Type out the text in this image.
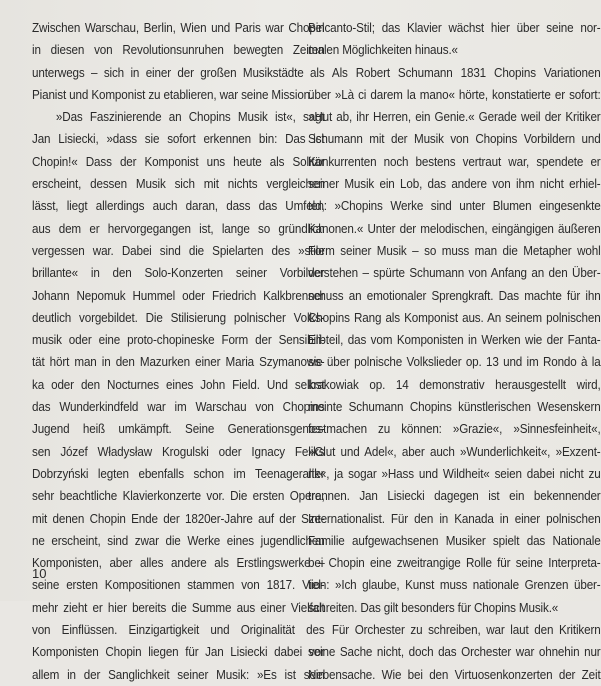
Zwischen Warschau, Berlin, Wien und Paris war Chopin
in diesen von Revolutionsunruhen bewegten Zeiten
unterwegs – sich in einer der großen Musikstädte als
Pianist und Komponist zu etablieren, war seine Mission.
»Das Faszinierende an Chopins Musik ist«, sagt
Jan Lisiecki, »dass sie sofort erkennen bin: Das ist
Chopin!« Dass der Komponist uns heute als Solitär
erscheint, dessen Musik sich mit nichts vergleichen
lässt, liegt allerdings auch daran, dass das Umfeld,
aus dem er hervorgegangen ist, lange so gründlich
vergessen war. Dabei sind die Spielarten des »stile
brillante« in den Solo-Konzerten seiner Vorbilder
Johann Nepomuk Hummel oder Friedrich Kalkbrenner
deutlich vorgebildet. Die Stilisierung polnischer Volks-
musik oder eine proto-chopineske Form der Sensibili-
tät hört man in den Mazurken einer Maria Szymanows-
ka oder den Nocturnes eines John Field. Und selbst
das Wunderkindfeld war im Warschau von Chopins
Jugend heiß umkämpft. Seine Generationsgenos-
sen Józef Władysław Krogulski oder Ignacy Feliks
Dobrzyński legten ebenfalls schon im Teenageralter
sehr beachtliche Klavierkonzerte vor. Die ersten Opera,
mit denen Chopin Ende der 1820er-Jahre auf der Sze-
ne erscheint, sind zwar die Werke eines jugendlichen
Komponisten, aber alles andere als Erstlingswerke –
seine ersten Kompositionen stammen von 1817. Viel-
mehr zieht er hier bereits die Summe aus einer Vielfalt
von Einflüssen. Einzigartigkeit und Originalität des
Komponisten Chopin liegen für Jan Lisiecki dabei vor
allem in der Sanglichkeit seiner Musik: »Es ist sein
Belcanto-Stil; das Klavier wächst hier über seine nor-
malen Möglichkeiten hinaus.«
Als Robert Schumann 1831 Chopins Variationen
über »Là ci darem la mano« hörte, konstatierte er sofort:
»Hut ab, ihr Herren, ein Genie.« Gerade weil der Kritiker
Schumann mit der Musik von Chopins Vorbildern und
Konkurrenten noch bestens vertraut war, spendete er
seiner Musik ein Lob, das andere von ihm nicht erhiel-
ten: »Chopins Werke sind unter Blumen eingesenkte
Kanonen.« Unter der melodischen, eingängigen äußeren
Form seiner Musik – so muss man die Metapher wohl
verstehen – spürte Schumann von Anfang an den Über-
schuss an emotionaler Sprengkraft. Das machte für ihn
Chopins Rang als Komponist aus. An seinem polnischen
Erbteil, das vom Komponisten in Werken wie der Fanta-
sie über polnische Volkslieder op. 13 und im Rondo à la
krakowiak op. 14 demonstrativ herausgestellt wird,
meinte Schumann Chopins künstlerischen Wesenskern
festmachen zu können: »Grazie«, »Sinnesfeinheit«,
»Glut und Adel«, aber auch »Wunderlichkeit«, »Exzent-
rik«, ja sogar »Hass und Wildheit« seien dabei nicht zu
trennen. Jan Lisiecki dagegen ist ein bekennender
Internationalist. Für den in Kanada in einer polnischen
Familie aufgewachsenen Musiker spielt das Nationale
bei Chopin eine zweitrangige Rolle für seine Interpreta-
tion: »Ich glaube, Kunst muss nationale Grenzen über-
schreiten. Das gilt besonders für Chopins Musik.«
Für Orchester zu schreiben, war laut den Kritikern
seine Sache nicht, doch das Orchester war ohnehin nur
Nebensache. Wie bei den Virtuosenkonzerten der Zeit
10
